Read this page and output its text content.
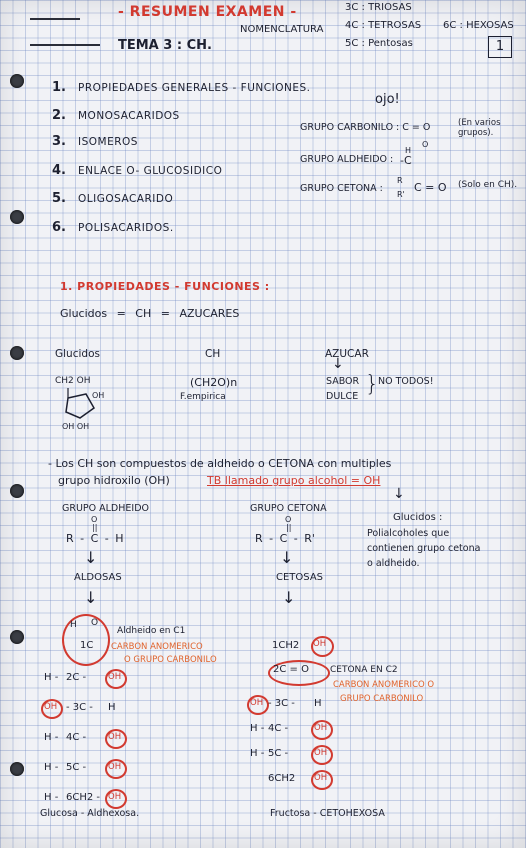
- RESUMEN EXAMEN -
NOMENCLATURA
TEMA 3 : CH.
3C : TRIOSAS
4C : TETROSAS
5C : Pentosas
6C : HEXOSAS
1
1. PROPIEDADES GENERALES - FUNCIONES.
2. MONOSACARIDOS
3. ISOMEROS
4. ENLACE O- GLUCOSIDICO
5. OLIGOSACARIDO
6. POLISACARIDOS.
ojo!
GRUPO CARBONILO : C = O	(En varios grupos).
GRUPO ALDHEIDO :
H
O
-C
GRUPO CETONA :
R
R'
C = O (Solo en CH).
1. PROPIEDADES - FUNCIONES :
Glucidos = CH = AZUCARES
Glucidos
CH2 OH
OH
OH OH
CH
(CH2O)n
F.empirica
AZUCAR
↓
SABOR
DULCE } NO TODOS!
- Los CH son compuestos de aldheido o CETONA con multiples
grupo hidroxilo (OH)	TB llamado grupo alcohol = OH
↓
GRUPO ALDHEIDO
O
||
R - C - H
↓
ALDOSAS
↓
GRUPO CETONA
O
||
R - C - R'
↓
CETOSAS
↓
Glucidos :
Polialcoholes que
contienen grupo cetona
o aldheido.
H O
1C
Aldheido en C1
CARBON ANOMERICO
O GRUPO CARBONILO
H - 2C -	OH
OH - 3C - H
H - 4C -	OH
H - 5C -	OH
H - 6CH2 - OH
Glucosa - Aldhexosa.
1CH2 OH
2C = O CETONA EN C2
CARBON ANOMERICO O
GRUPO CARBONILO
OH - 3C - H
H - 4C -	OH
H - 5C -	OH
6CH2 OH
Fructosa - CETOHEXOSA
